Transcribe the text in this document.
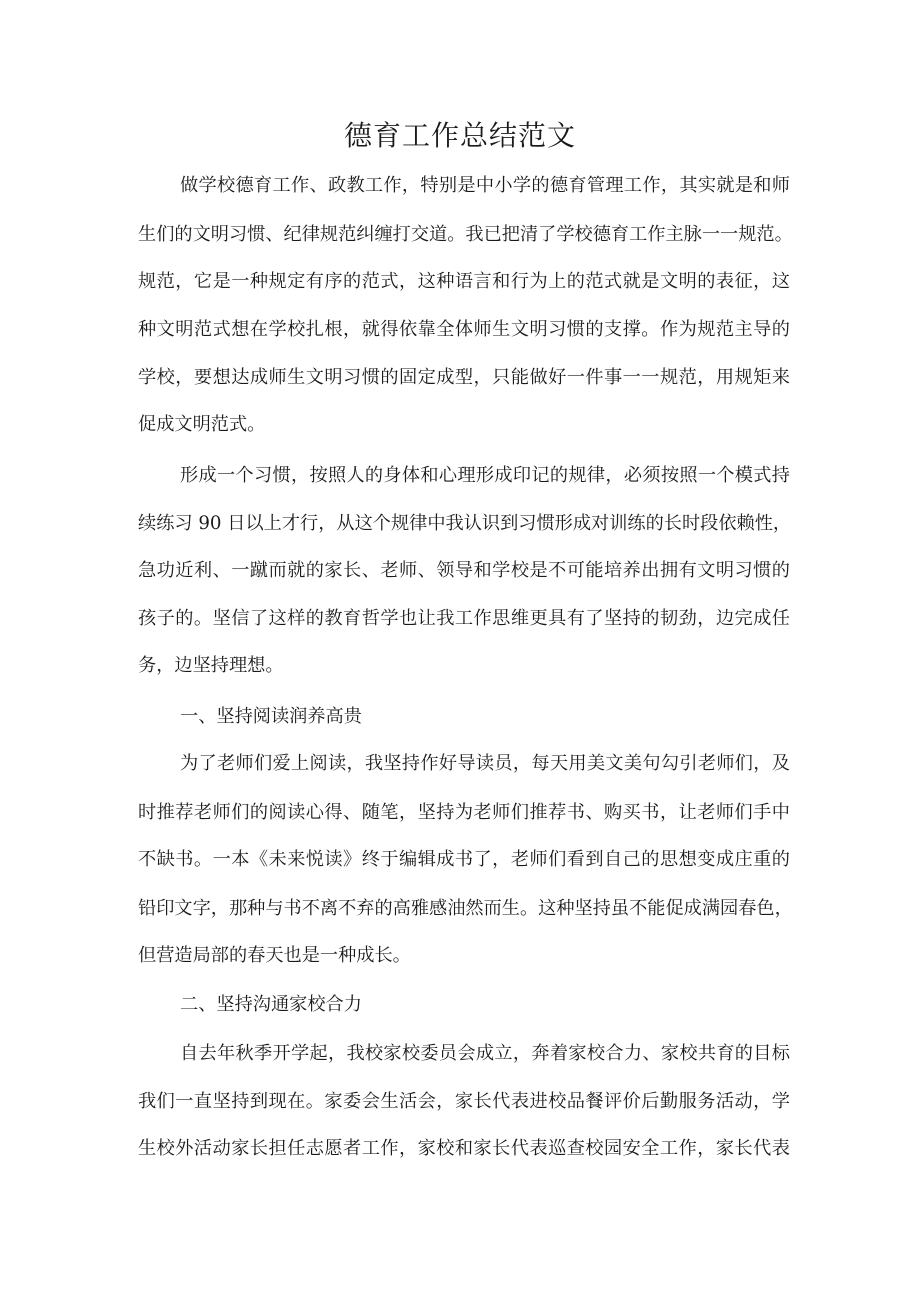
德育工作总结范文

做学校德育工作、政教工作，特别是中小学的德育管理工作，其实就是和师

生们的文明习惯、纪律规范纠缠打交道。我已把清了学校德育工作主脉一一规范。

规范，它是一种规定有序的范式，这种语言和行为上的范式就是文明的表征，这

种文明范式想在学校扎根，就得依靠全体师生文明习惯的支撑。作为规范主导的

学校，要想达成师生文明习惯的固定成型，只能做好一件事一一规范，用规矩来

促成文明范式。

形成一个习惯，按照人的身体和心理形成印记的规律，必须按照一个模式持

续练习 90 日以上才行，从这个规律中我认识到习惯形成对训练的长时段依赖性，

急功近利、一蹴而就的家长、老师、领导和学校是不可能培养出拥有文明习惯的

孩子的。坚信了这样的教育哲学也让我工作思维更具有了坚持的韧劲，边完成任

务，边坚持理想。

一、坚持阅读润养高贵

为了老师们爱上阅读，我坚持作好导读员，每天用美文美句勾引老师们，及

时推荐老师们的阅读心得、随笔，坚持为老师们推荐书、购买书，让老师们手中

不缺书。一本《未来悦读》终于编辑成书了，老师们看到自己的思想变成庄重的

铅印文字，那种与书不离不弃的高雅感油然而生。这种坚持虽不能促成满园春色，

但营造局部的春天也是一种成长。

二、坚持沟通家校合力

自去年秋季开学起，我校家校委员会成立，奔着家校合力、家校共育的目标

我们一直坚持到现在。家委会生活会，家长代表进校品餐评价后勤服务活动，学

生校外活动家长担任志愿者工作，家校和家长代表巡查校园安全工作，家长代表
